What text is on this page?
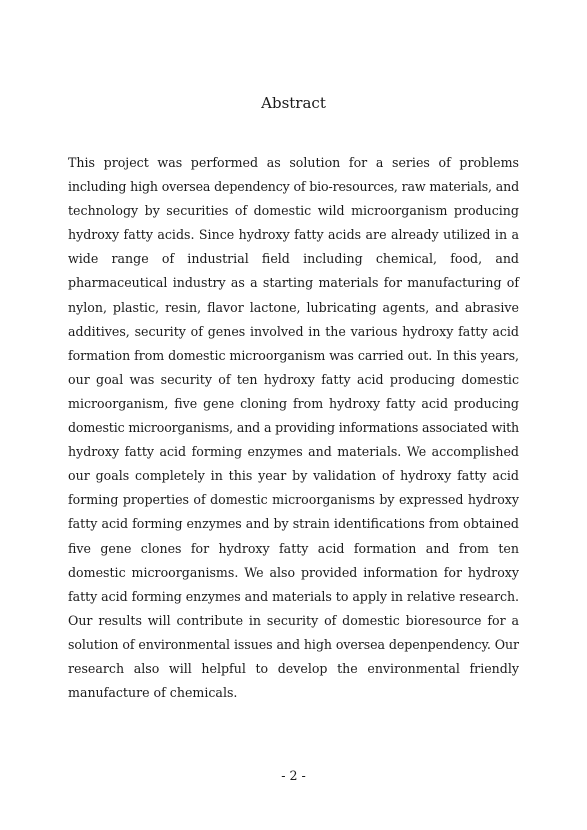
Abstract
This project was performed as solution for a series of problems
including high oversea dependency of bio-resources, raw materials, and
technology by securities of domestic wild microorganism producing
hydroxy fatty acids. Since hydroxy fatty acids are already utilized in a
wide range of industrial field including chemical, food, and
pharmaceutical industry as a starting materials for manufacturing of
nylon, plastic, resin, flavor lactone, lubricating agents, and abrasive
additives, security of genes involved in the various hydroxy fatty acid
formation from domestic microorganism was carried out. In this years,
our goal was security of ten hydroxy fatty acid producing domestic
microorganism, five gene cloning from hydroxy fatty acid producing
domestic microorganisms, and a providing informations associated with
hydroxy fatty acid forming enzymes and materials. We accomplished
our goals completely in this year by validation of hydroxy fatty acid
forming properties of domestic microorganisms by expressed hydroxy
fatty acid forming enzymes and by strain identifications from obtained
five gene clones for hydroxy fatty acid formation and from ten
domestic microorganisms. We also provided information for hydroxy
fatty acid forming enzymes and materials to apply in relative research.
Our results will contribute in security of domestic bioresource for a
solution of environmental issues and high oversea depenpendency. Our
research also will helpful to develop the environmental friendly
manufacture of chemicals.

- 2 -
